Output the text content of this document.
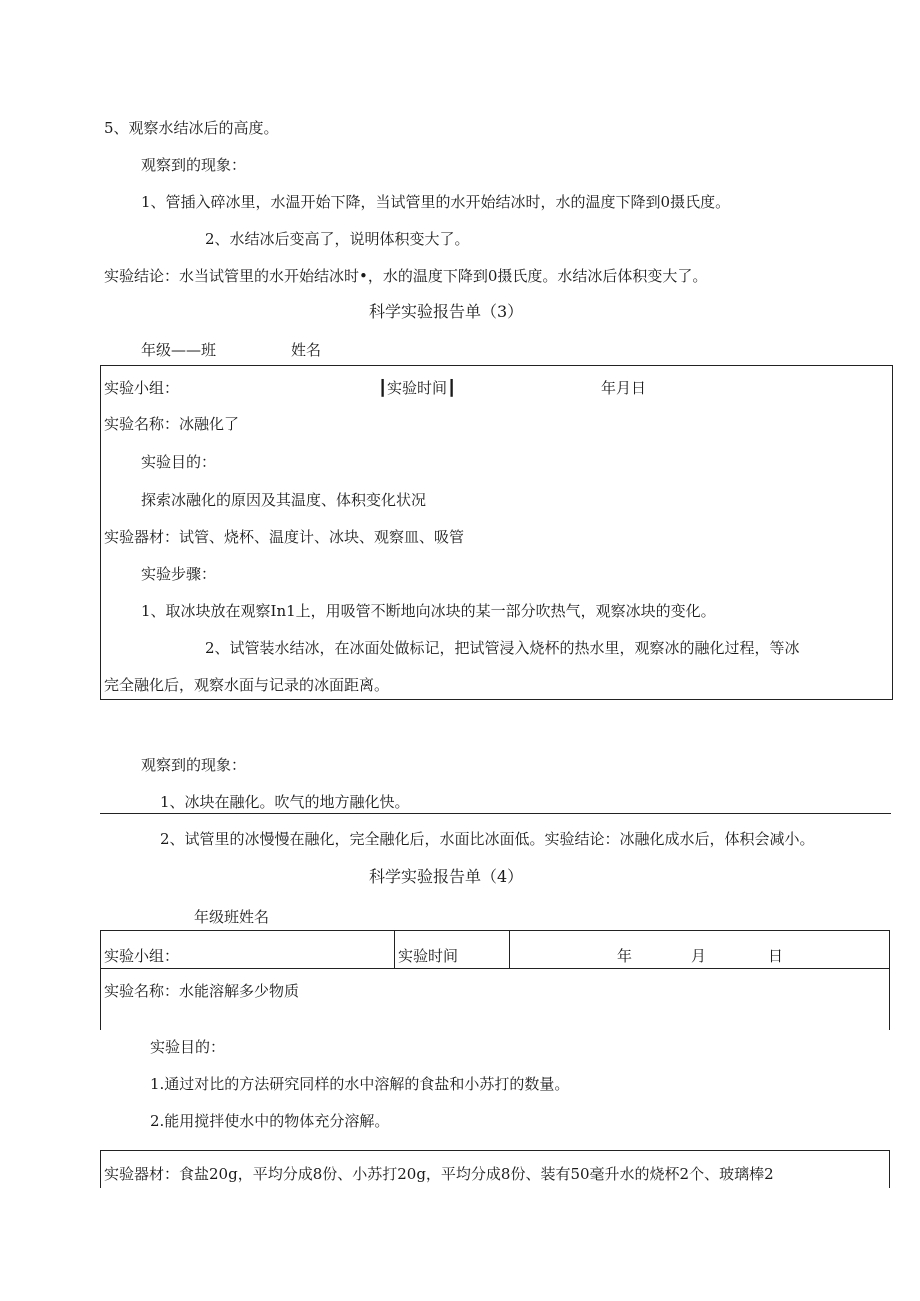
5、观察水结冰后的高度。
观察到的现象：
1、管插入碎冰里，水温开始下降，当试管里的水开始结冰时，水的温度下降到0摄氏度。
2、水结冰后变高了，说明体积变大了。
实验结论：水当试管里的水开始结冰时•，水的温度下降到0摄氏度。水结冰后体积变大了。
科学实验报告单（3）
年级——班	姓名
实验小组：	┃实验时间┃	年月日
实验名称：冰融化了
实验目的：
探索冰融化的原因及其温度、体积变化状况
实验器材：试管、烧杯、温度计、冰块、观察皿、吸管
实验步骤：
1、取冰块放在观察In1上，用吸管不断地向冰块的某一部分吹热气，观察冰块的变化。
2、试管装水结冰，在冰面处做标记，把试管浸入烧杯的热水里，观察冰的融化过程，等冰
完全融化后，观察水面与记录的冰面距离。
观察到的现象：
1、冰块在融化。吹气的地方融化快。
2、试管里的冰慢慢在融化，完全融化后，水面比冰面低。实验结论：冰融化成水后，体积会减小。
科学实验报告单（4）
年级班姓名
实验小组：	实验时间	年	月	日
实验名称：水能溶解多少物质
实验目的：
1.通过对比的方法研究同样的水中溶解的食盐和小苏打的数量。
2.能用搅拌使水中的物体充分溶解。
实验器材：食盐20g，平均分成8份、小苏打20g，平均分成8份、装有50毫升水的烧杯2个、玻璃棒2
